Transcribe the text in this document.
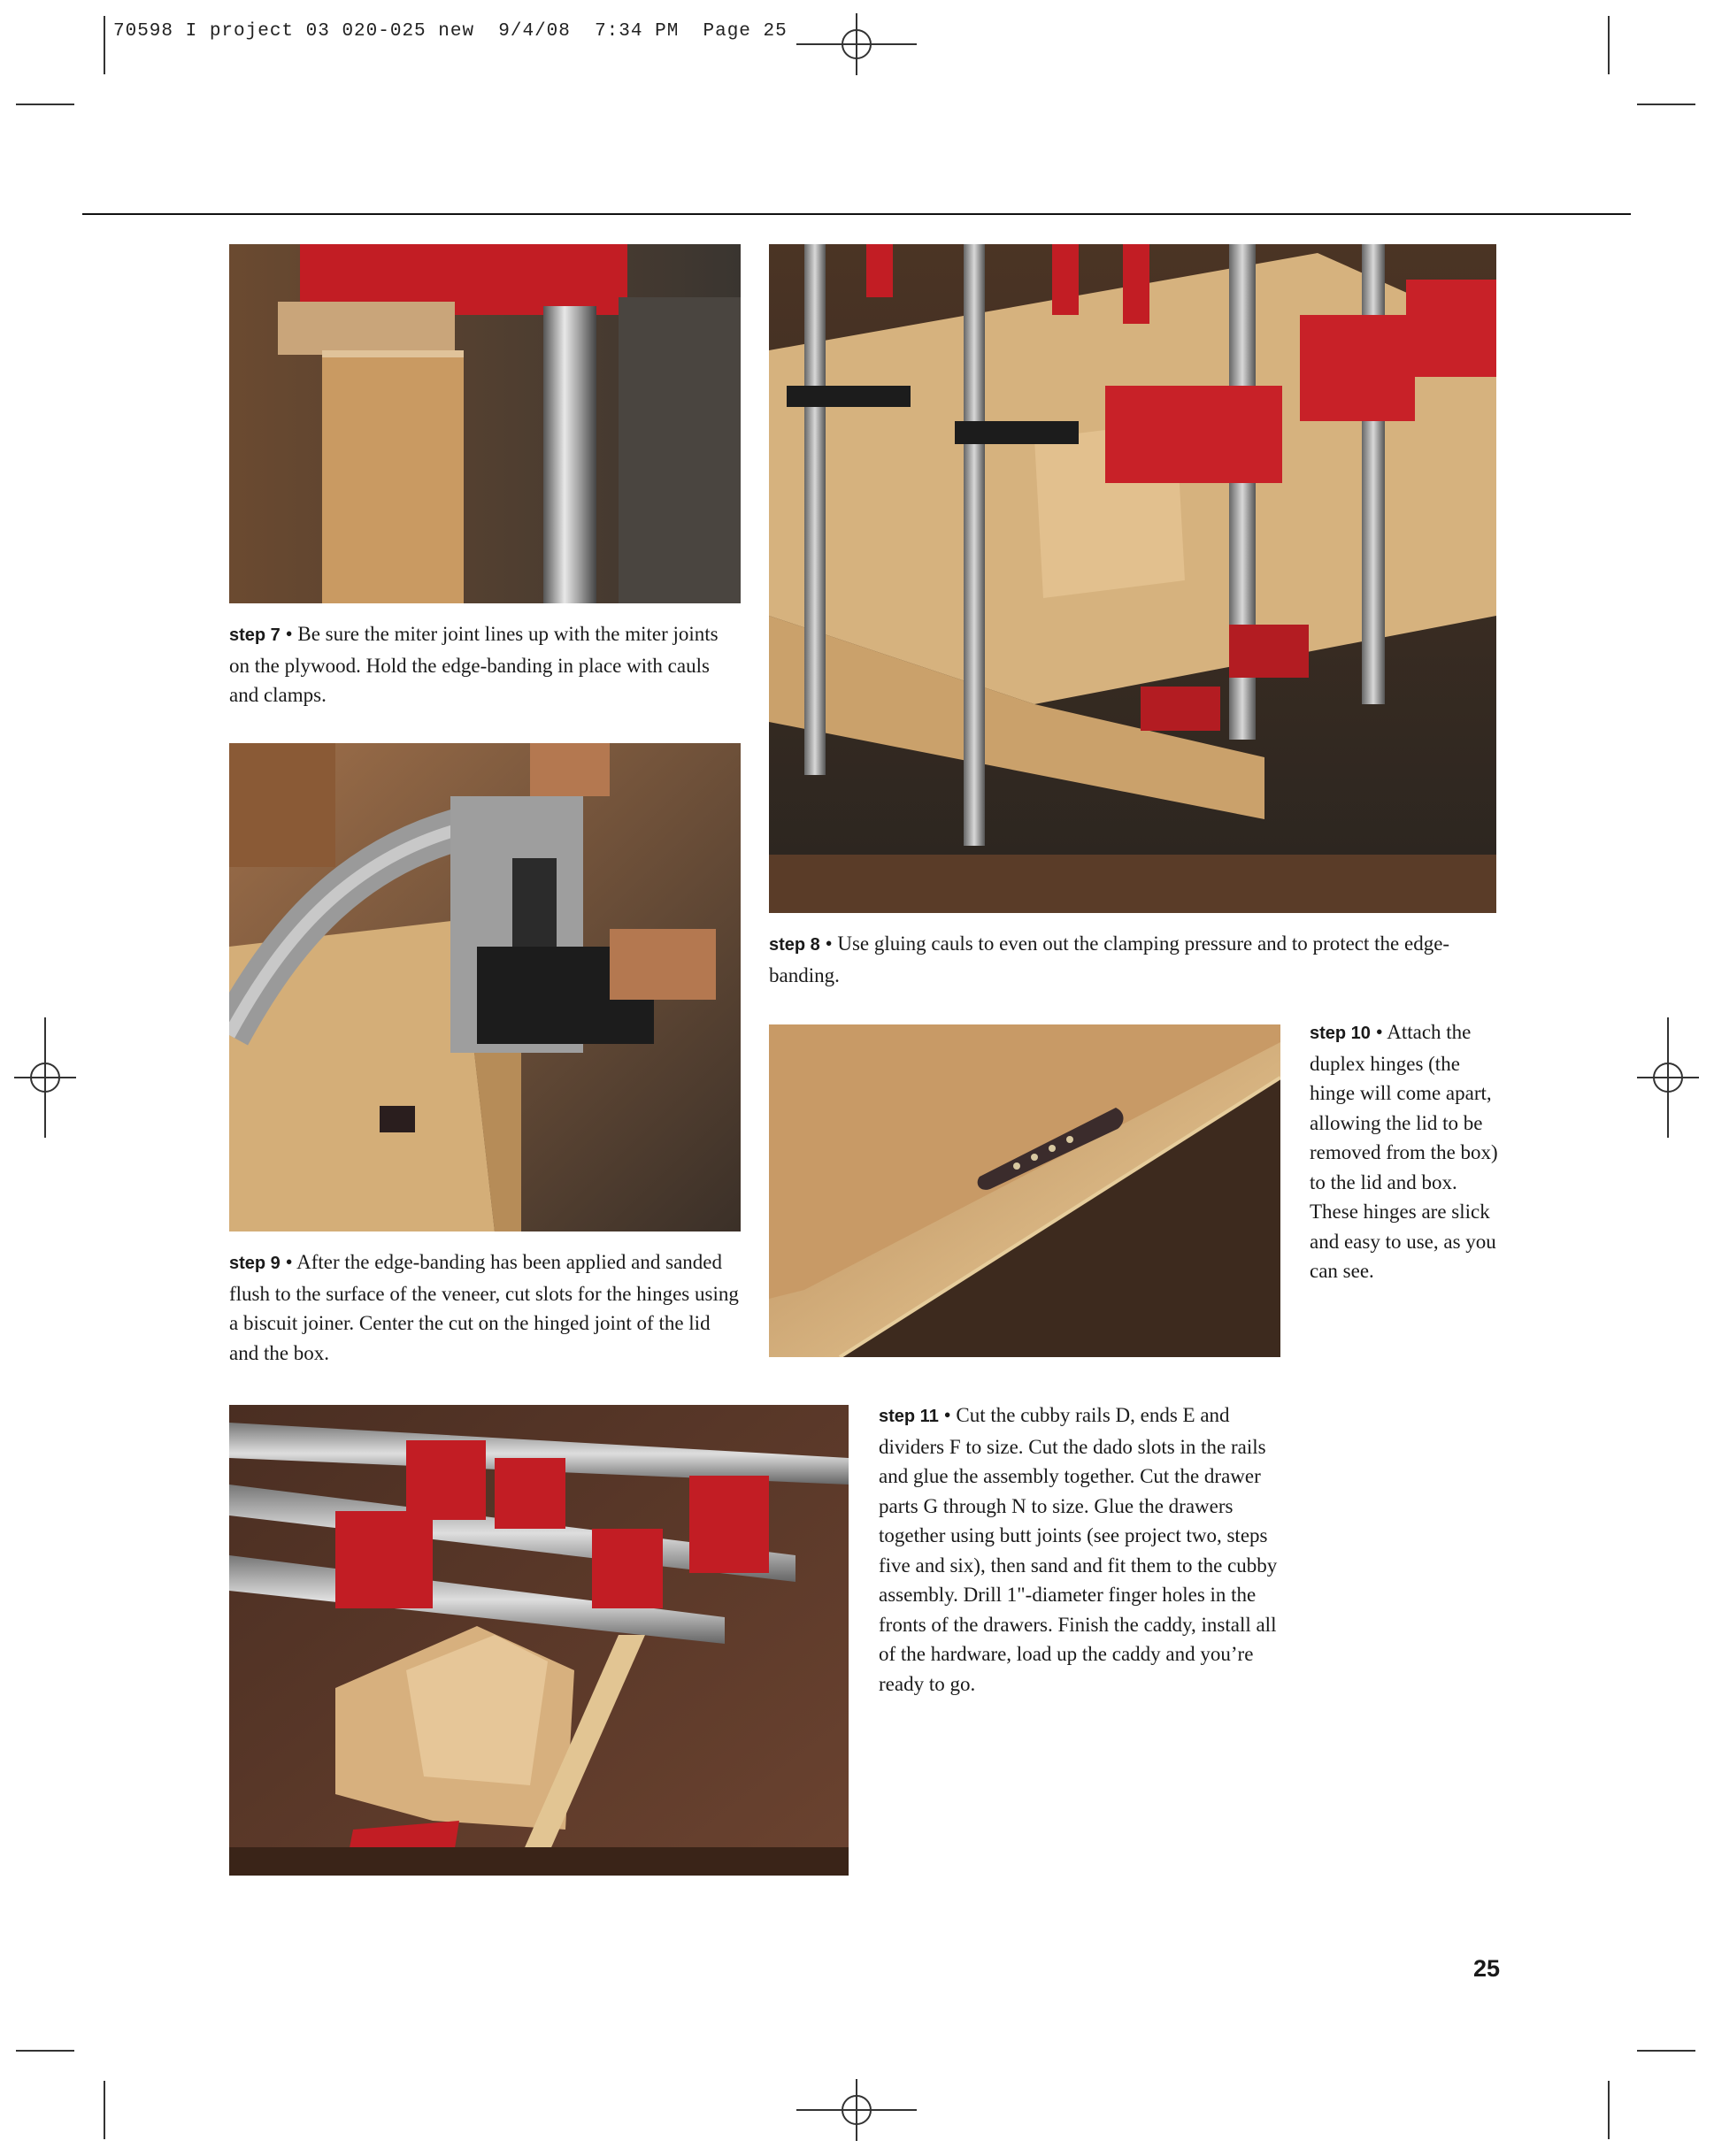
70598 I project 03 020-025 new  9/4/08  7:34 PM  Page 25
step 7 • Be sure the miter joint lines up with the miter joints on the plywood. Hold the edge-banding in place with cauls and clamps.
step 8 • Use gluing cauls to even out the clamping pressure and to protect the edge-banding.
step 9 • After the edge-banding has been applied and sanded flush to the surface of the veneer, cut slots for the hinges using a biscuit joiner. Center the cut on the hinged joint of the lid and the box.
step 10 • Attach the duplex hinges (the hinge will come apart, allowing the lid to be removed from the box) to the lid and box. These hinges are slick and easy to use, as you can see.
step 11 • Cut the cubby rails D, ends E and dividers F to size. Cut the dado slots in the rails and glue the assembly together. Cut the drawer parts G through N to size. Glue the drawers together using butt joints (see project two, steps five and six), then sand and fit them to the cubby assembly. Drill 1"-diameter finger holes in the fronts of the drawers. Finish the caddy, install all of the hardware, load up the caddy and you’re ready to go.
25
